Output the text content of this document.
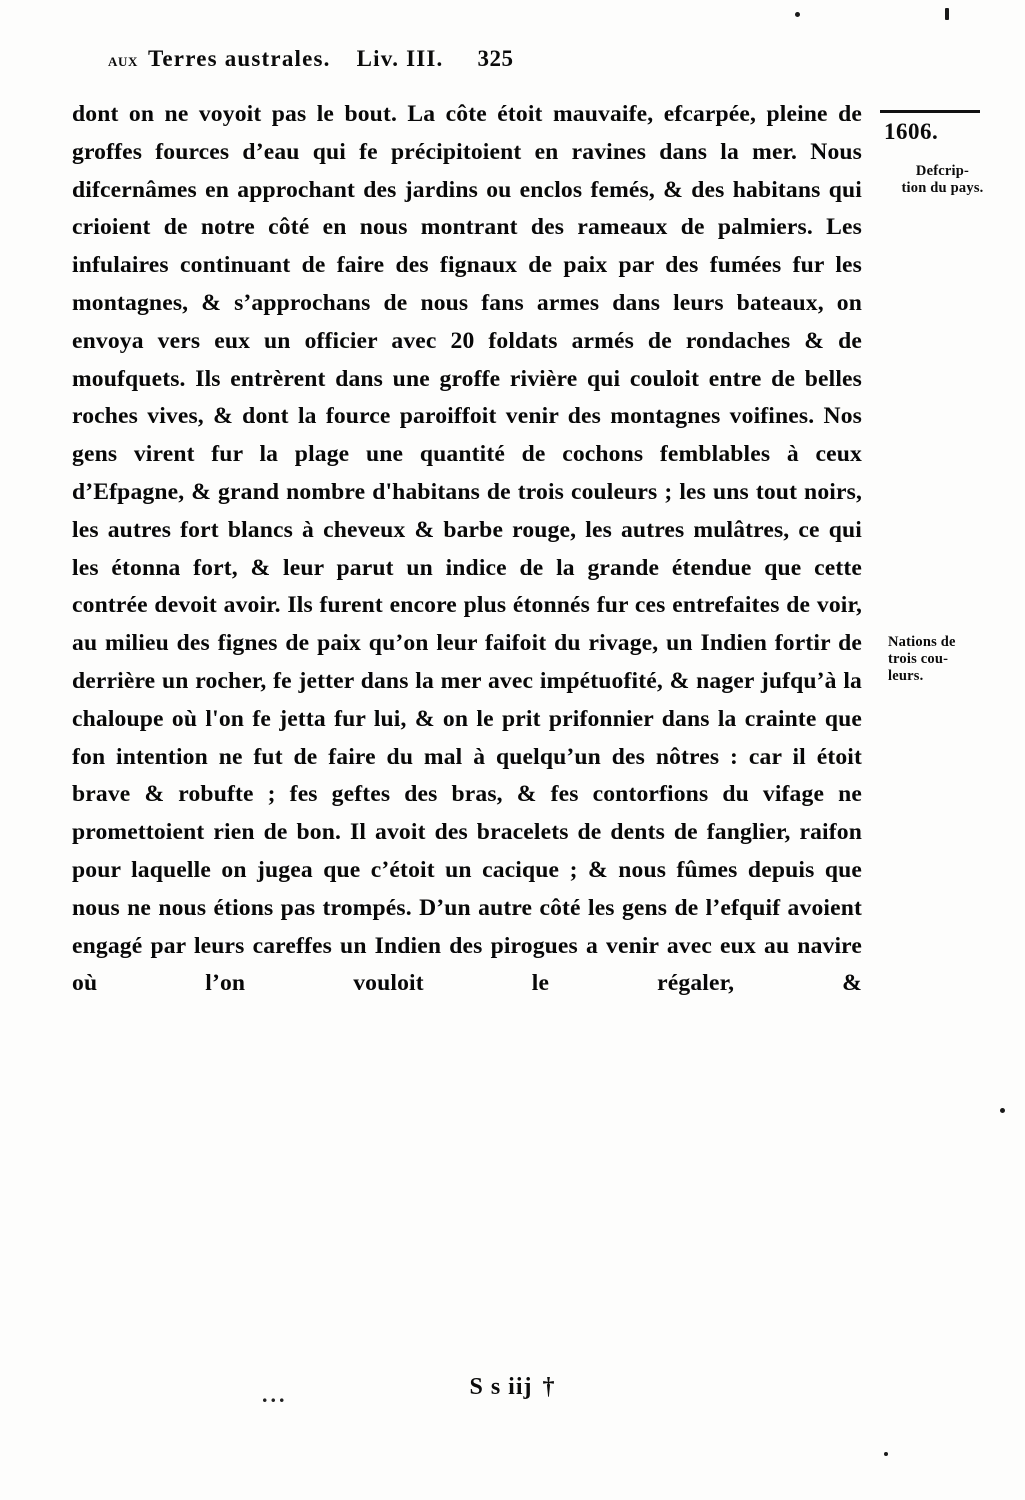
aux Terres australes. Liv. III. 325

dont on ne voyoit pas le bout. La côte étoit mauvaife, efcarpée, pleine de groffes fources d’eau qui fe précipitoient en ravines dans la mer. Nous difcernâmes en approchant des jardins ou enclos femés, & des habitans qui crioient de notre côté en nous montrant des rameaux de palmiers. Les infulaires continuant de faire des fignaux de paix par des fumées fur les montagnes, & s’approchans de nous fans armes dans leurs bateaux, on envoya vers eux un officier avec 20 foldats armés de rondaches & de moufquets. Ils entrèrent dans une groffe rivière qui couloit entre de belles roches vives, & dont la fource paroiffoit venir des montagnes voifines. Nos gens virent fur la plage une quantité de cochons femblables à ceux d’Efpagne, & grand nombre d'habitans de trois couleurs ; les uns tout noirs, les autres fort blancs à cheveux & barbe rouge, les autres mulâtres, ce qui les étonna fort, & leur parut un indice de la grande étendue que cette contrée devoit avoir. Ils furent encore plus étonnés fur ces entrefaites de voir, au milieu des fignes de paix qu’on leur faifoit du rivage, un Indien fortir de derrière un rocher, fe jetter dans la mer avec impétuofité, & nager jufqu’à la chaloupe où l'on fe jetta fur lui, & on le prit prifonnier dans la crainte que fon intention ne fut de faire du mal à quelqu’un des nôtres : car il étoit brave & robufte ; fes geftes des bras, & fes contorfions du vifage ne promettoient rien de bon. Il avoit des bracelets de dents de fanglier, raifon pour laquelle on jugea que c’étoit un cacique ; & nous fûmes depuis que nous ne nous étions pas trompés. D’un autre côté les gens de l’efquif avoient engagé par leurs careffes un Indien des pirogues a venir avec eux au navire où l’on vouloit le régaler, &

1606.
Defcrip-
tion du pays.
Nations de
trois cou-
leurs.
...	S s iij †
